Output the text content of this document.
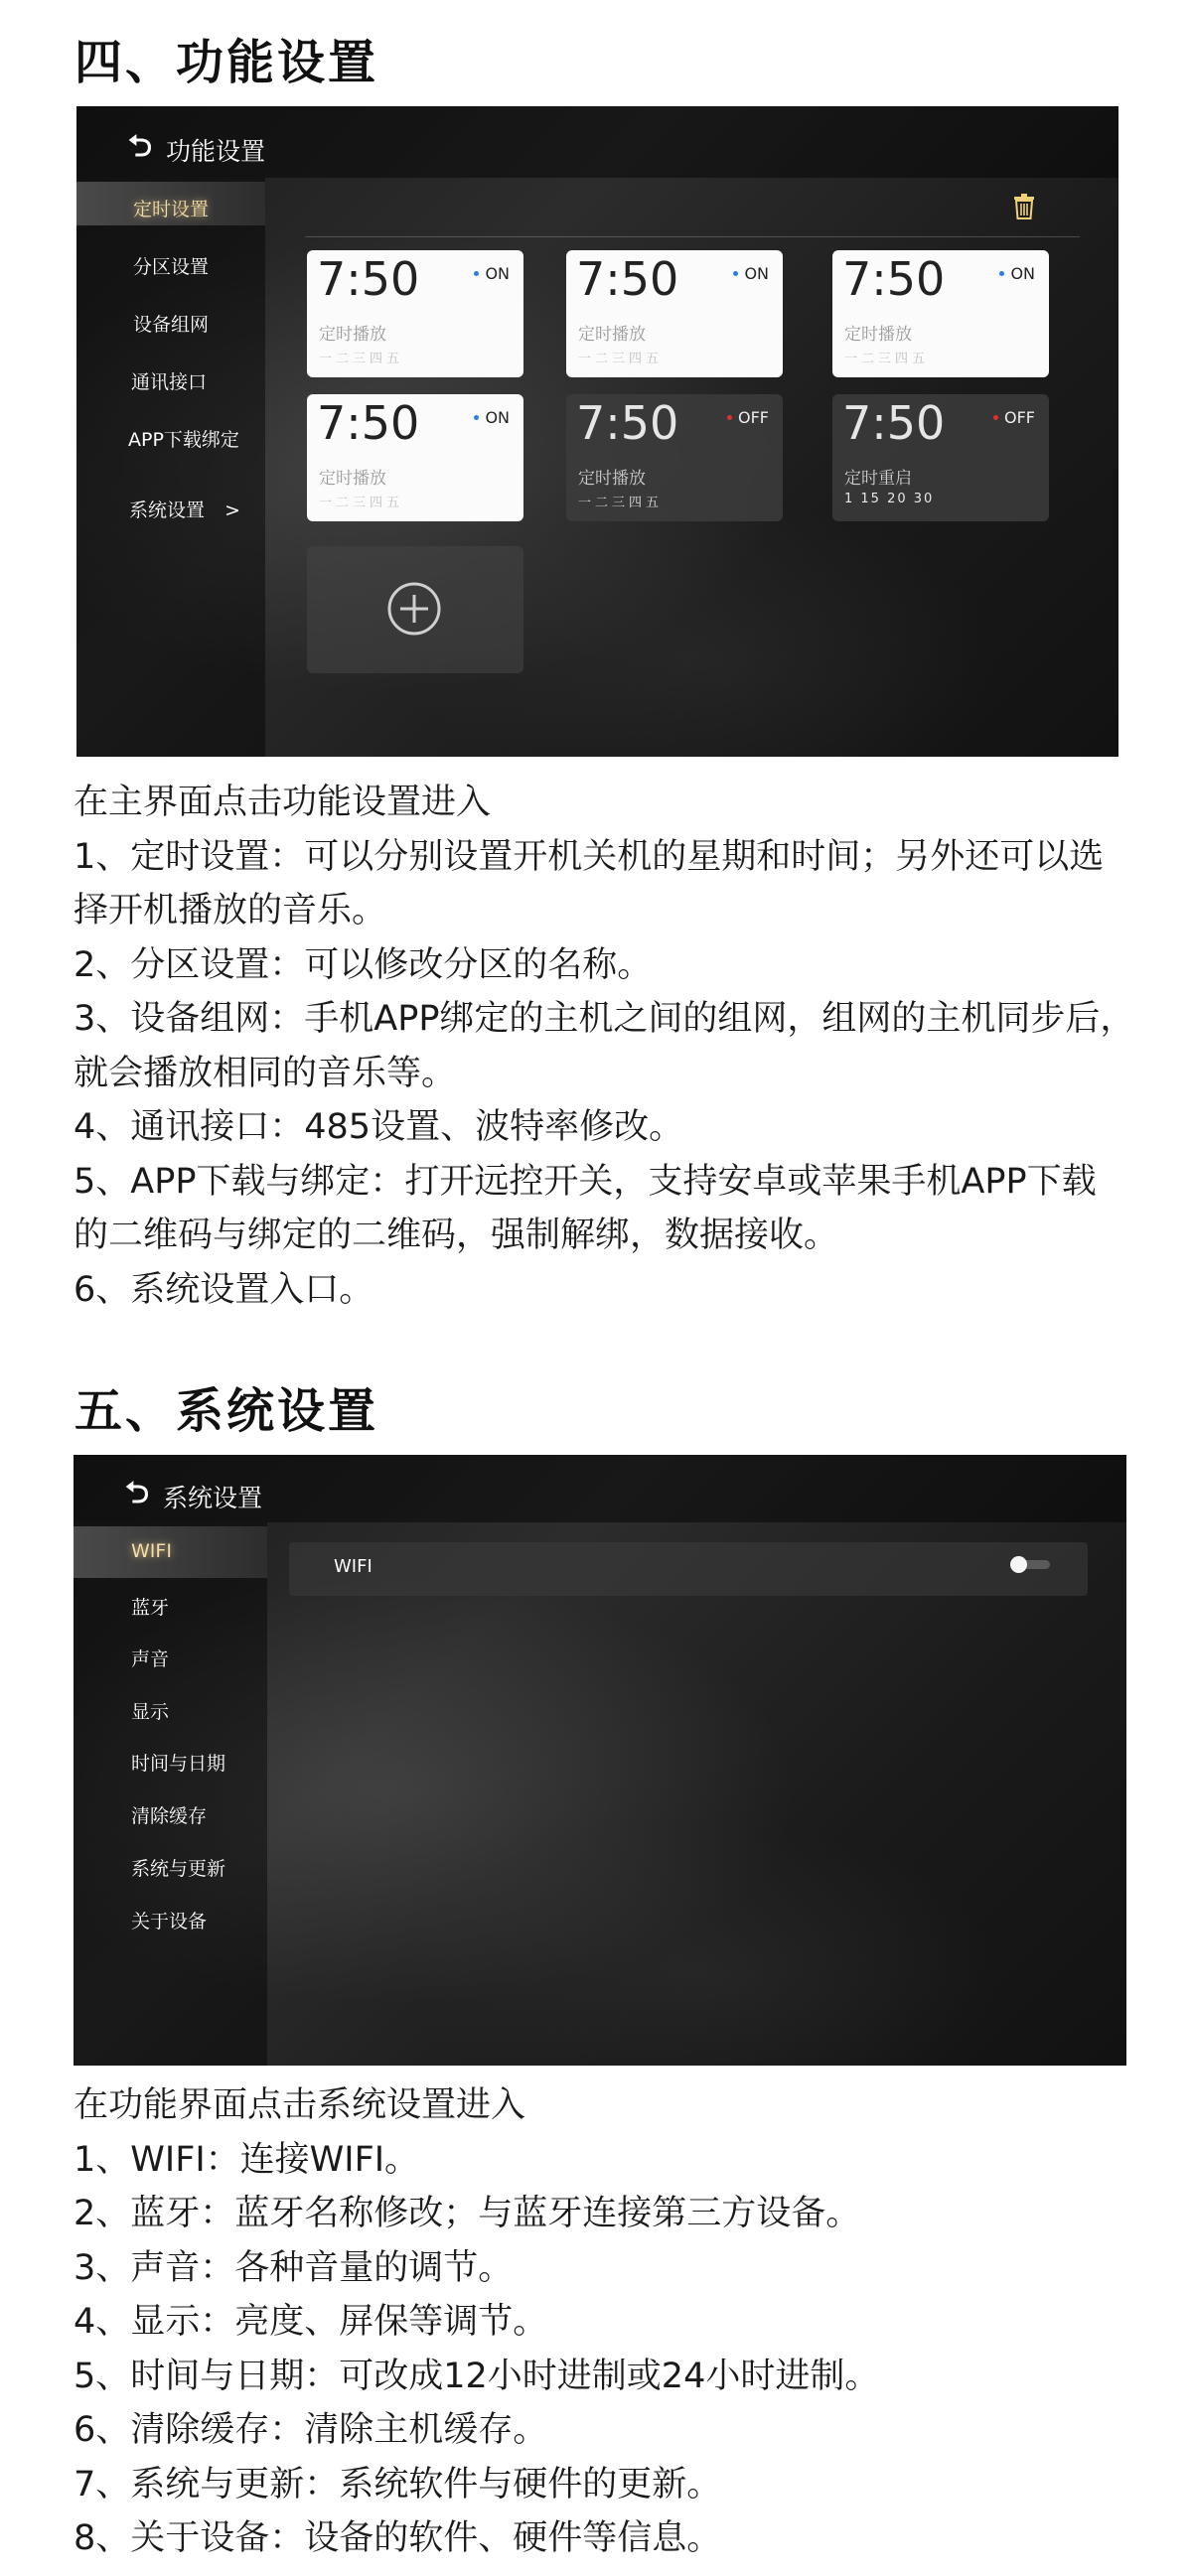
四、功能设置
⮌ 功能设置
定时设置
分区设置
设备组网
通讯接口
APP下载绑定
系统设置 >
7:50	ON
定时播放
一二三四五
7:50	ON
定时播放
一二三四五
7:50	ON
定时播放
一二三四五
7:50	ON
定时播放
一二三四五
7:50	OFF
定时播放
一二三四五
7:50	OFF
定时重启
1 15 20 30
在主界面点击功能设置进入
1、定时设置：可以分别设置开机关机的星期和时间；另外还可以选
择开机播放的音乐。
2、分区设置：可以修改分区的名称。
3、设备组网：手机APP绑定的主机之间的组网，组网的主机同步后，
就会播放相同的音乐等。
4、通讯接口：485设置、波特率修改。
5、APP下载与绑定：打开远控开关，支持安卓或苹果手机APP下载
的二维码与绑定的二维码，强制解绑，数据接收。
6、系统设置入口。
五、系统设置
⮌ 系统设置
WIFI
蓝牙
声音
显示
时间与日期
清除缓存
系统与更新
关于设备
WIFI
在功能界面点击系统设置进入
1、WIFI：连接WIFI。
2、蓝牙：蓝牙名称修改；与蓝牙连接第三方设备。
3、声音：各种音量的调节。
4、显示：亮度、屏保等调节。
5、时间与日期：可改成12小时进制或24小时进制。
6、清除缓存：清除主机缓存。
7、系统与更新：系统软件与硬件的更新。
8、关于设备：设备的软件、硬件等信息。
